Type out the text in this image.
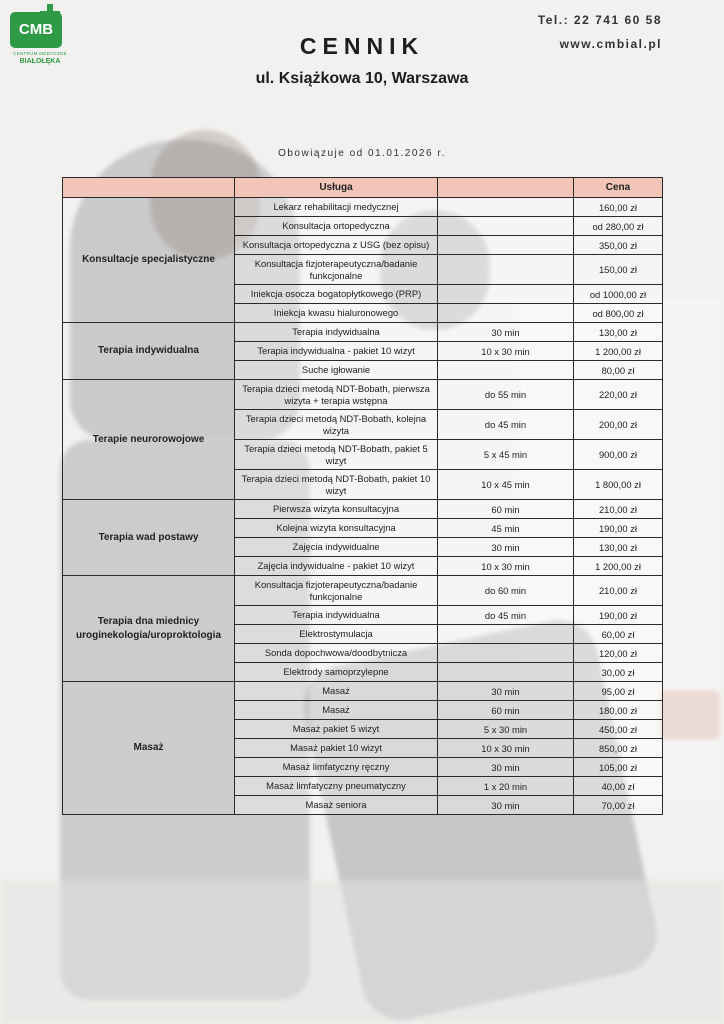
CMB
CENTRUM MEDYCZNE
BIAŁOŁĘKA
CENNIK
ul. Książkowa 10, Warszawa
Tel.: 22 741 60 58
www.cmbial.pl
Obowiązuje od 01.01.2026 r.
	Usługa		Cena
Konsultacje specjalistyczne	Lekarz rehabilitacji medycznej		160,00 zł
	Konsultacja ortopedyczna		od 280,00 zł
	Konsultacja ortopedyczna z USG (bez opisu)		350,00 zł
	Konsultacja fizjoterapeutyczna/badanie funkcjonalne		150,00 zł
	Iniekcja osocza bogatopłytkowego (PRP)		od 1000,00 zł
	Iniekcja kwasu hialuronowego		od 800,00 zł
Terapia indywidualna	Terapia indywidualna	30 min	130,00 zł
	Terapia indywidualna - pakiet 10 wizyt	10 x 30 min	1 200,00 zł
	Suche igłowanie		80,00 zł
Terapie neurorowojowe	Terapia dzieci metodą NDT-Bobath, pierwsza wizyta + terapia wstępna	do 55 min	220,00 zł
	Terapia dzieci metodą NDT-Bobath, kolejna wizyta	do 45 min	200,00 zł
	Terapia dzieci metodą NDT-Bobath, pakiet 5 wizyt	5 x 45 min	900,00 zł
	Terapia dzieci metodą NDT-Bobath, pakiet 10 wizyt	10 x 45 min	1 800,00 zł
Terapia wad postawy	Pierwsza wizyta konsultacyjna	60 min	210,00 zł
	Kolejna wizyta konsultacyjna	45 min	190,00 zł
	Zajęcia indywidualne	30 min	130,00 zł
	Zajęcia indywidualne - pakiet 10 wizyt	10 x 30 min	1 200,00 zł
Terapia dna miednicy uroginekologia/uroproktologia	Konsultacja fizjoterapeutyczna/badanie funkcjonalne	do 60 min	210,00 zł
	Terapia indywidualna	do 45 min	190,00 zł
	Elektrostymulacja		60,00 zł
	Sonda dopochwowa/doodbytnicza		120,00 zł
	Elektrody samoprzylepne		30,00 zł
Masaż	Masaż	30 min	95,00 zł
	Masaż	60 min	180,00 zł
	Masaż pakiet 5 wizyt	5 x 30 min	450,00 zł
	Masaż pakiet 10 wizyt	10 x 30 min	850,00 zł
	Masaż limfatyczny ręczny	30 min	105,00 zł
	Masaż limfatyczny pneumatyczny	1 x 20 min	40,00 zł
	Masaż seniora	30 min	70,00 zł
